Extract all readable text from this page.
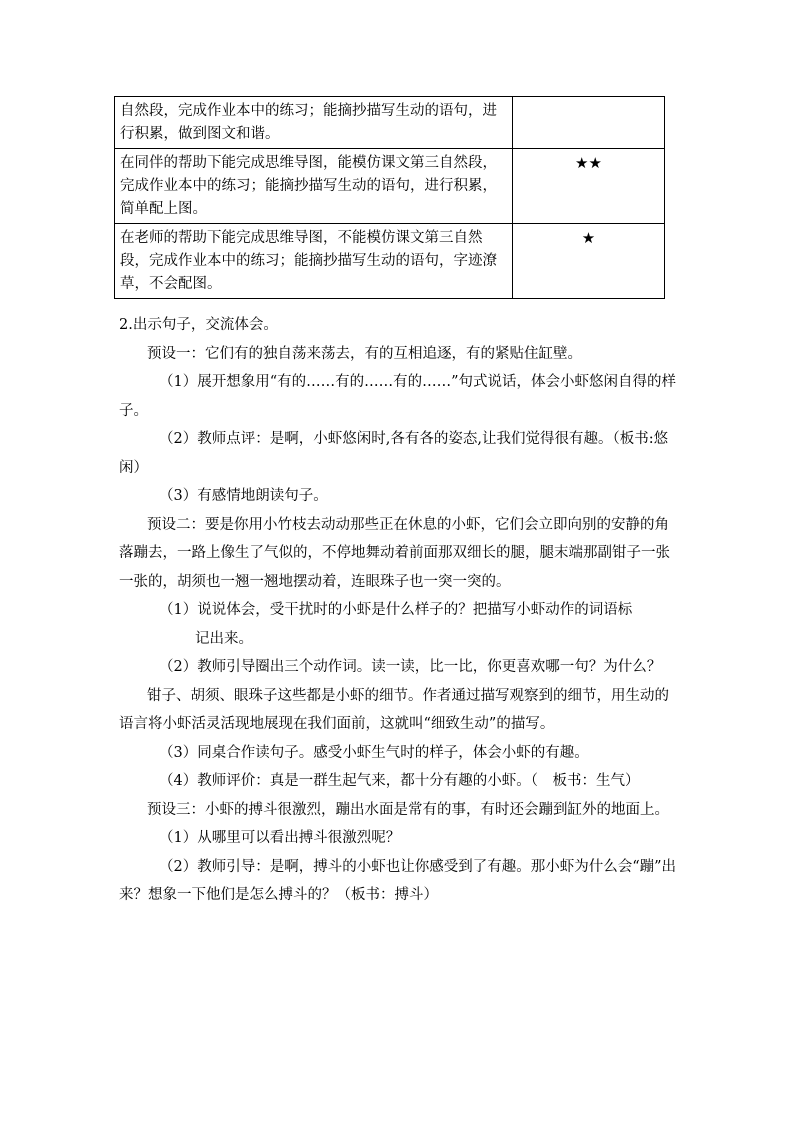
自然段，完成作业本中的练习；能摘抄描写生动的语句，进行积累，做到图文和谐。	
在同伴的帮助下能完成思维导图，能模仿课文第三自然段，完成作业本中的练习；能摘抄描写生动的语句，进行积累，简单配上图。	★★
在老师的帮助下能完成思维导图，不能模仿课文第三自然段，完成作业本中的练习；能摘抄描写生动的语句，字迹潦草，不会配图。	★

2.出示句子，交流体会。

预设一：它们有的独自荡来荡去，有的互相追逐，有的紧贴住缸壁。

（1）展开想象用“有的……有的……有的……”句式说话，体会小虾悠闲自得的样子。

（2）教师点评：是啊，小虾悠闲时,各有各的姿态,让我们觉得很有趣。（板书:悠闲）

（3）有感情地朗读句子。

预设二：要是你用小竹枝去动动那些正在休息的小虾，它们会立即向别的安静的角落蹦去，一路上像生了气似的，不停地舞动着前面那双细长的腿，腿末端那副钳子一张一张的，胡须也一翘一翘地摆动着，连眼珠子也一突一突的。

（1）说说体会，受干扰时的小虾是什么样子的？把描写小虾动作的词语标

记出来。

（2）教师引导圈出三个动作词。读一读，比一比，你更喜欢哪一句？为什么？

钳子、胡须、眼珠子这些都是小虾的细节。作者通过描写观察到的细节，用生动的语言将小虾活灵活现地展现在我们面前，这就叫“细致生动”的描写。

（3）同桌合作读句子。感受小虾生气时的样子，体会小虾的有趣。

（4）教师评价：真是一群生起气来，都十分有趣的小虾。（　板书：生气）

预设三：小虾的搏斗很激烈，蹦出水面是常有的事，有时还会蹦到缸外的地面上。

（1）从哪里可以看出搏斗很激烈呢？

（2）教师引导：是啊，搏斗的小虾也让你感受到了有趣。那小虾为什么会“蹦”出来？想象一下他们是怎么搏斗的？（板书：搏斗）
